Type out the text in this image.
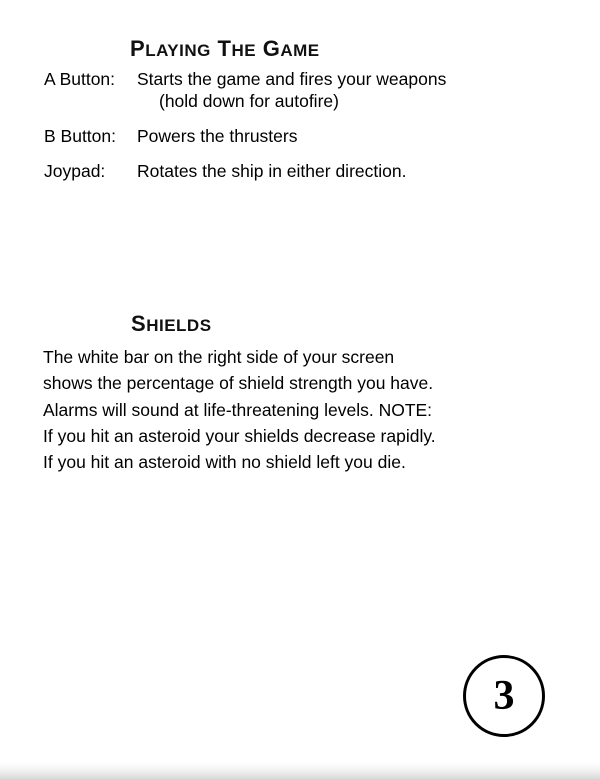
PLAYING THE GAME
A Button:	Starts the game and fires your weapons
(hold down for autofire)
B Button:	Powers the thrusters
Joypad:	Rotates the ship in either direction.
SHIELDS
The white bar on the right side of your screen
shows the percentage of shield strength you have.
Alarms will sound at life-threatening levels. NOTE:
If you hit an asteroid your shields decrease rapidly.
If you hit an asteroid with no shield left you die.
3
